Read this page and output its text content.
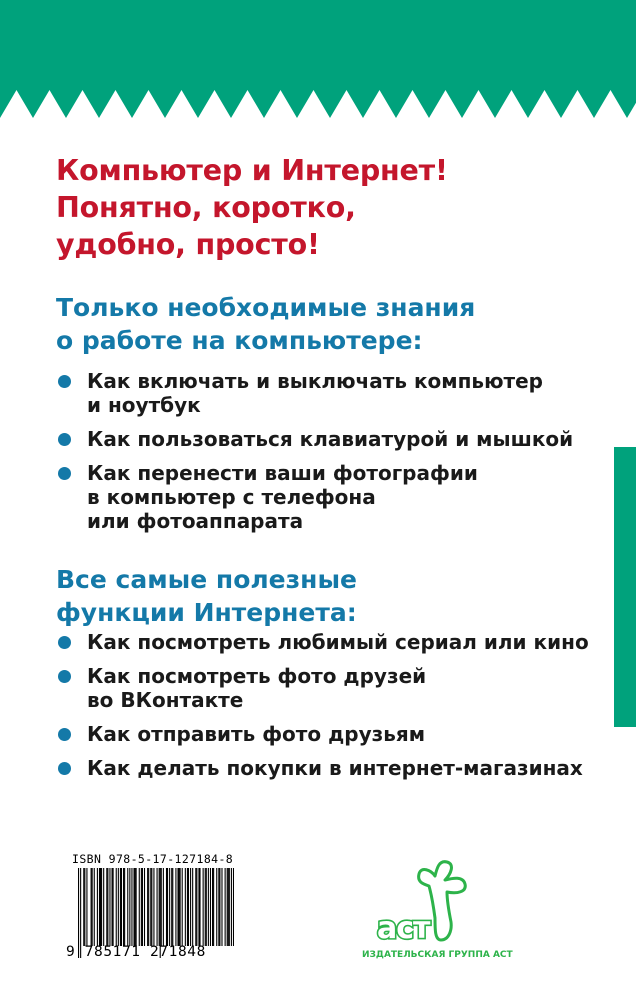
Компьютер и Интернет!
Понятно, коротко,
удобно, просто!
Только необходимые знания
о работе на компьютере:
Как включать и выключать компьютер
и ноутбук
Как пользоваться клавиатурой и мышкой
Как перенести ваши фотографии
в компьютер с телефона
или фотоаппарата
Все самые полезные
функции Интернета:
Как посмотреть любимый сериал или кино
Как посмотреть фото друзей
во ВКонтакте
Как отправить фото друзьям
Как делать покупки в интернет-магазинах
ISBN 978-5-17-127184-8
9 785171 271848
аст
ИЗДАТЕЛЬСКАЯ ГРУППА АСТ
